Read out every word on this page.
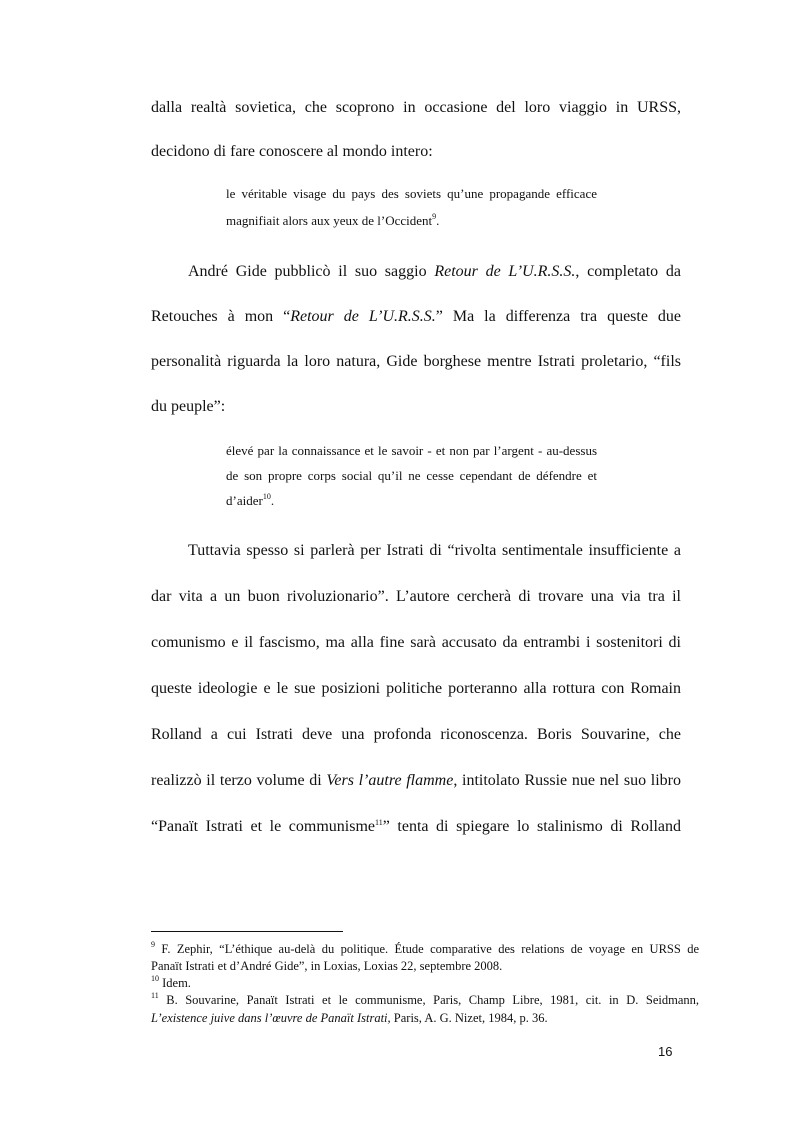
dalla realtà sovietica, che scoprono in occasione del loro viaggio in URSS,
decidono di fare conoscere al mondo intero:
le véritable visage du pays des soviets qu’une propagande efficace
magnifiait alors aux yeux de l’Occident$^9$.
André Gide pubblicò il suo saggio Retour de L’U.R.S.S., completato da
Retouches à mon “Retour de L’U.R.S.S.” Ma la differenza tra queste due
personalità riguarda la loro natura, Gide borghese mentre Istrati proletario, “fils
du peuple”:
élevé par la connaissance et le savoir - et non par l’argent - au-dessus
de son propre corps social qu’il ne cesse cependant de défendre et
d’aider$^{10}$.
Tuttavia spesso si parlerà per Istrati di “rivolta sentimentale insufficiente a
dar vita a un buon rivoluzionario”. L’autore cercherà di trovare una via tra il
comunismo e il fascismo, ma alla fine sarà accusato da entrambi i sostenitori di
queste ideologie e le sue posizioni politiche porteranno alla rottura con Romain
Rolland a cui Istrati deve una profonda riconoscenza. Boris Souvarine, che
realizzò il terzo volume di Vers l’autre flamme, intitolato Russie nue nel suo libro
“Panaït Istrati et le communisme$^{11}$” tenta di spiegare lo stalinismo di Rolland
$^9$ F. Zephir, “L’éthique au-delà du politique. Étude comparative des relations de voyage en URSS de
Panaït Istrati et d’André Gide”, in Loxias, Loxias 22, septembre 2008.
$^{10}$ Idem.
$^{11}$ B. Souvarine, Panaït Istrati et le communisme, Paris, Champ Libre, 1981, cit. in D. Seidmann,
L’existence juive dans l’œuvre de Panaït Istrati, Paris, A. G. Nizet, 1984, p. 36.
16
